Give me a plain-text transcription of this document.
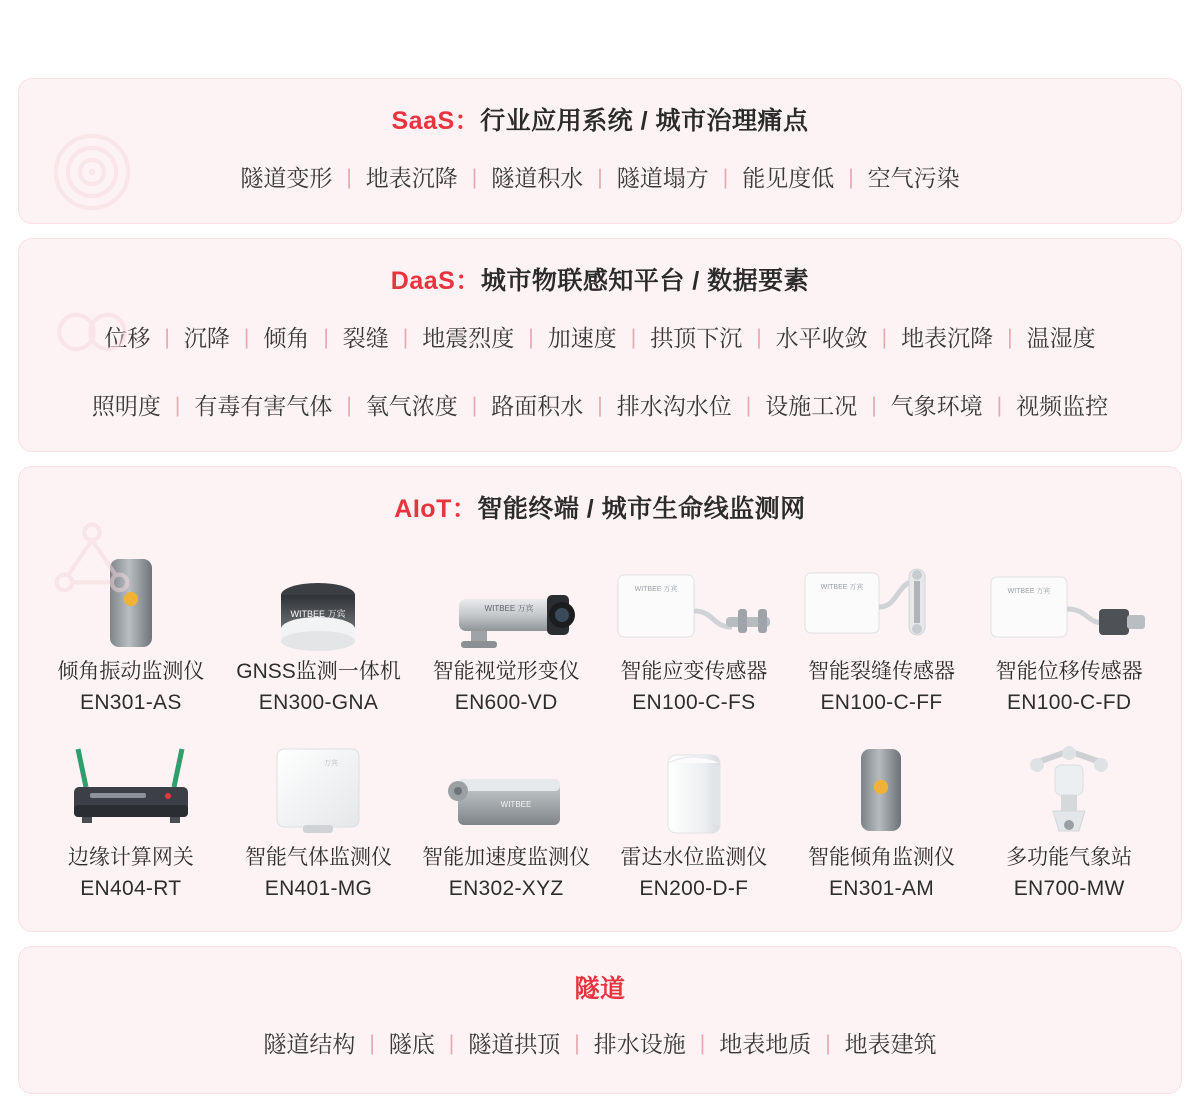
SaaS：行业应用系统 / 城市治理痛点
隧道变形 | 地表沉降 | 隧道积水 | 隧道塌方 | 能见度低 | 空气污染
DaaS：城市物联感知平台 / 数据要素
位移 | 沉降 | 倾角 | 裂缝 | 地震烈度 | 加速度 | 拱顶下沉 | 水平收敛 | 地表沉降 | 温湿度
照明度 | 有毒有害气体 | 氧气浓度 | 路面积水 | 排水沟水位 | 设施工况 | 气象环境 | 视频监控
AIoT：智能终端 / 城市生命线监测网
倾角振动监测仪
EN301-AS
WITBEE 万宾
GNSS监测一体机
EN300-GNA
WITBEE 万宾
智能视觉形变仪
EN600-VD
WITBEE 万宾
智能应变传感器
EN100-C-FS
WITBEE 万宾
智能裂缝传感器
EN100-C-FF
WITBEE 万宾
智能位移传感器
EN100-C-FD
边缘计算网关
EN404-RT
万宾
智能气体监测仪
EN401-MG
WITBEE
智能加速度监测仪
EN302-XYZ
雷达水位监测仪
EN200-D-F
智能倾角监测仪
EN301-AM
多功能气象站
EN700-MW
隧道
隧道结构 | 隧底 | 隧道拱顶 | 排水设施 | 地表地质 | 地表建筑
